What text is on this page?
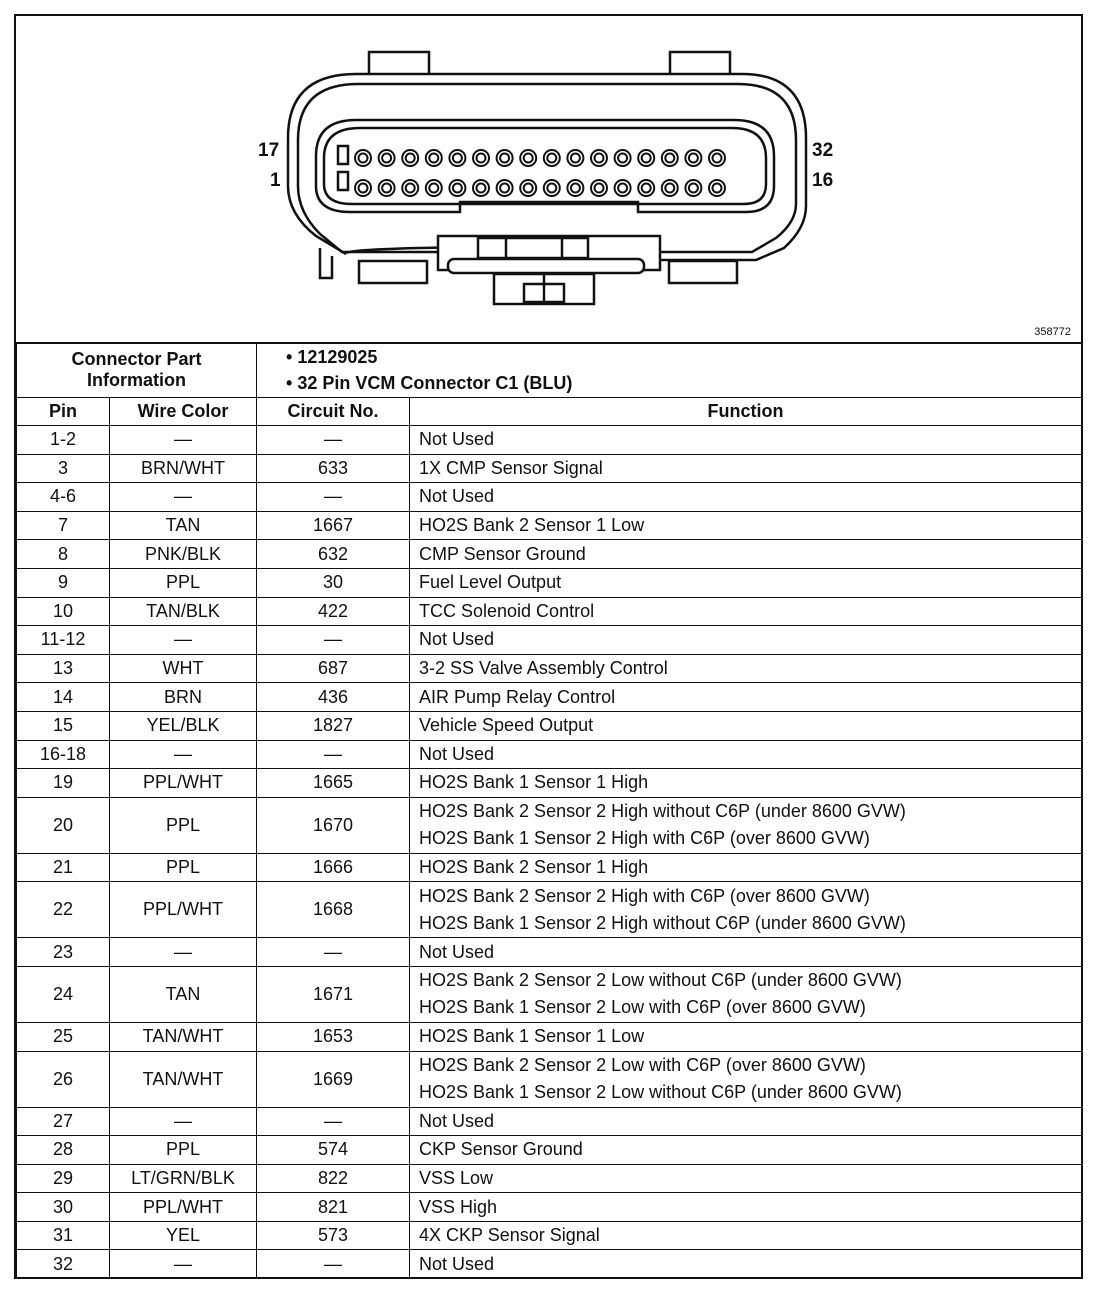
17
1
32
16
358772
Connector Part
Information		• 12129025
• 32 Pin VCM Connector C1 (BLU)	

Pin	Wire Color	Circuit No.	Function
1-2	—	—	Not Used

3	BRN/WHT	633	1X CMP Sensor Signal

4-6	—	—	Not Used

7	TAN	1667	HO2S Bank 2 Sensor 1 Low

8	PNK/BLK	632	CMP Sensor Ground

9	PPL	30	Fuel Level Output

10	TAN/BLK	422	TCC Solenoid Control

11-12	—	—	Not Used

13	WHT	687	3-2 SS Valve Assembly Control

14	BRN	436	AIR Pump Relay Control

15	YEL/BLK	1827	Vehicle Speed Output

16-18	—	—	Not Used

19	PPL/WHT	1665	HO2S Bank 1 Sensor 1 High

20	PPL	1670	HO2S Bank 2 Sensor 2 High without C6P (under 8600 GVW)
HO2S Bank 1 Sensor 2 High with C6P (over 8600 GVW)

21	PPL	1666	HO2S Bank 2 Sensor 1 High

22	PPL/WHT	1668	HO2S Bank 2 Sensor 2 High with C6P (over 8600 GVW)
HO2S Bank 1 Sensor 2 High without C6P (under 8600 GVW)

23	—	—	Not Used

24	TAN	1671	HO2S Bank 2 Sensor 2 Low without C6P (under 8600 GVW)
HO2S Bank 1 Sensor 2 Low with C6P (over 8600 GVW)

25	TAN/WHT	1653	HO2S Bank 1 Sensor 1 Low

26	TAN/WHT	1669	HO2S Bank 2 Sensor 2 Low with C6P (over 8600 GVW)
HO2S Bank 1 Sensor 2 Low without C6P (under 8600 GVW)

27	—	—	Not Used

28	PPL	574	CKP Sensor Ground

29	LT/GRN/BLK	822	VSS Low

30	PPL/WHT	821	VSS High

31	YEL	573	4X CKP Sensor Signal

32	—	—	Not Used
